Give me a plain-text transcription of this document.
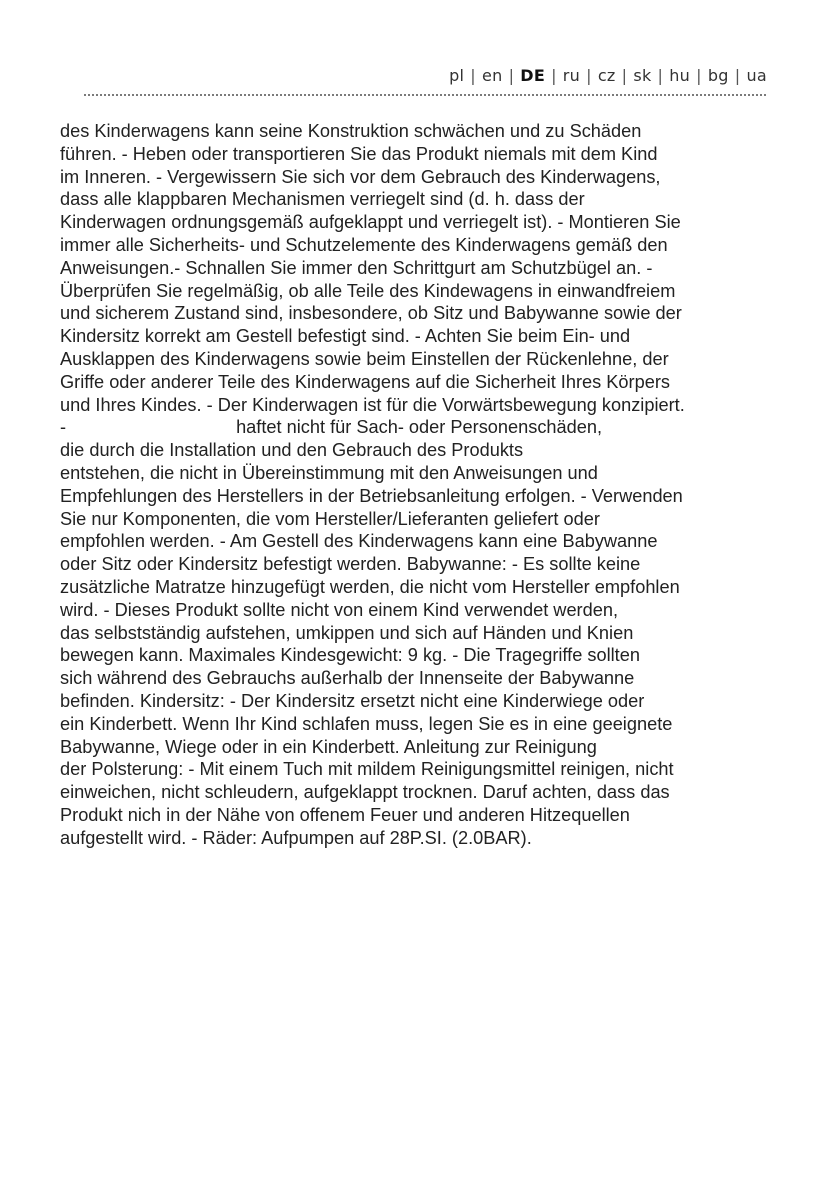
pl | en | DE | ru | cz | sk | hu | bg | ua
des Kinderwagens kann seine Konstruktion schwächen und zu Schäden
führen. - Heben oder transportieren Sie das Produkt niemals mit dem Kind
im Inneren. - Vergewissern Sie sich vor dem Gebrauch des Kinderwagens,
dass alle klappbaren Mechanismen verriegelt sind (d. h. dass der
Kinderwagen ordnungsgemäß aufgeklappt und verriegelt ist). - Montieren Sie
immer alle Sicherheits- und Schutzelemente des Kinderwagens gemäß den
Anweisungen.- Schnallen Sie immer den Schrittgurt am Schutzbügel an. -
Überprüfen Sie regelmäßig, ob alle Teile des Kindewagens in einwandfreiem
und sicherem Zustand sind, insbesondere, ob Sitz und Babywanne sowie der
Kindersitz korrekt am Gestell befestigt sind. - Achten Sie beim Ein- und
Ausklappen des Kinderwagens sowie beim Einstellen der Rückenlehne, der
Griffe oder anderer Teile des Kinderwagens auf die Sicherheit Ihres Körpers
und Ihres Kindes. - Der Kinderwagen ist für die Vorwärtsbewegung konzipiert.
-	haftet nicht für Sach- oder Personenschäden,
die durch die Installation und den Gebrauch des Produkts
entstehen, die nicht in Übereinstimmung mit den Anweisungen und
Empfehlungen des Herstellers in der Betriebsanleitung erfolgen. - Verwenden
Sie nur Komponenten, die vom Hersteller/Lieferanten geliefert oder
empfohlen werden. - Am Gestell des Kinderwagens kann eine Babywanne
oder Sitz oder Kindersitz befestigt werden. Babywanne: - Es sollte keine
zusätzliche Matratze hinzugefügt werden, die nicht vom Hersteller empfohlen
wird. - Dieses Produkt sollte nicht von einem Kind verwendet werden,
das selbstständig aufstehen, umkippen und sich auf Händen und Knien
bewegen kann. Maximales Kindesgewicht: 9 kg. - Die Tragegriffe sollten
sich während des Gebrauchs außerhalb der Innenseite der Babywanne
befinden. Kindersitz: - Der Kindersitz ersetzt nicht eine Kinderwiege oder
ein Kinderbett. Wenn Ihr Kind schlafen muss, legen Sie es in eine geeignete
Babywanne, Wiege oder in ein Kinderbett. Anleitung zur Reinigung
der Polsterung: - Mit einem Tuch mit mildem Reinigungsmittel reinigen, nicht
einweichen, nicht schleudern, aufgeklappt trocknen. Daruf achten, dass das
Produkt nich in der Nähe von offenem Feuer und anderen Hitzequellen
aufgestellt wird. - Räder: Aufpumpen auf 28P.SI. (2.0BAR).
